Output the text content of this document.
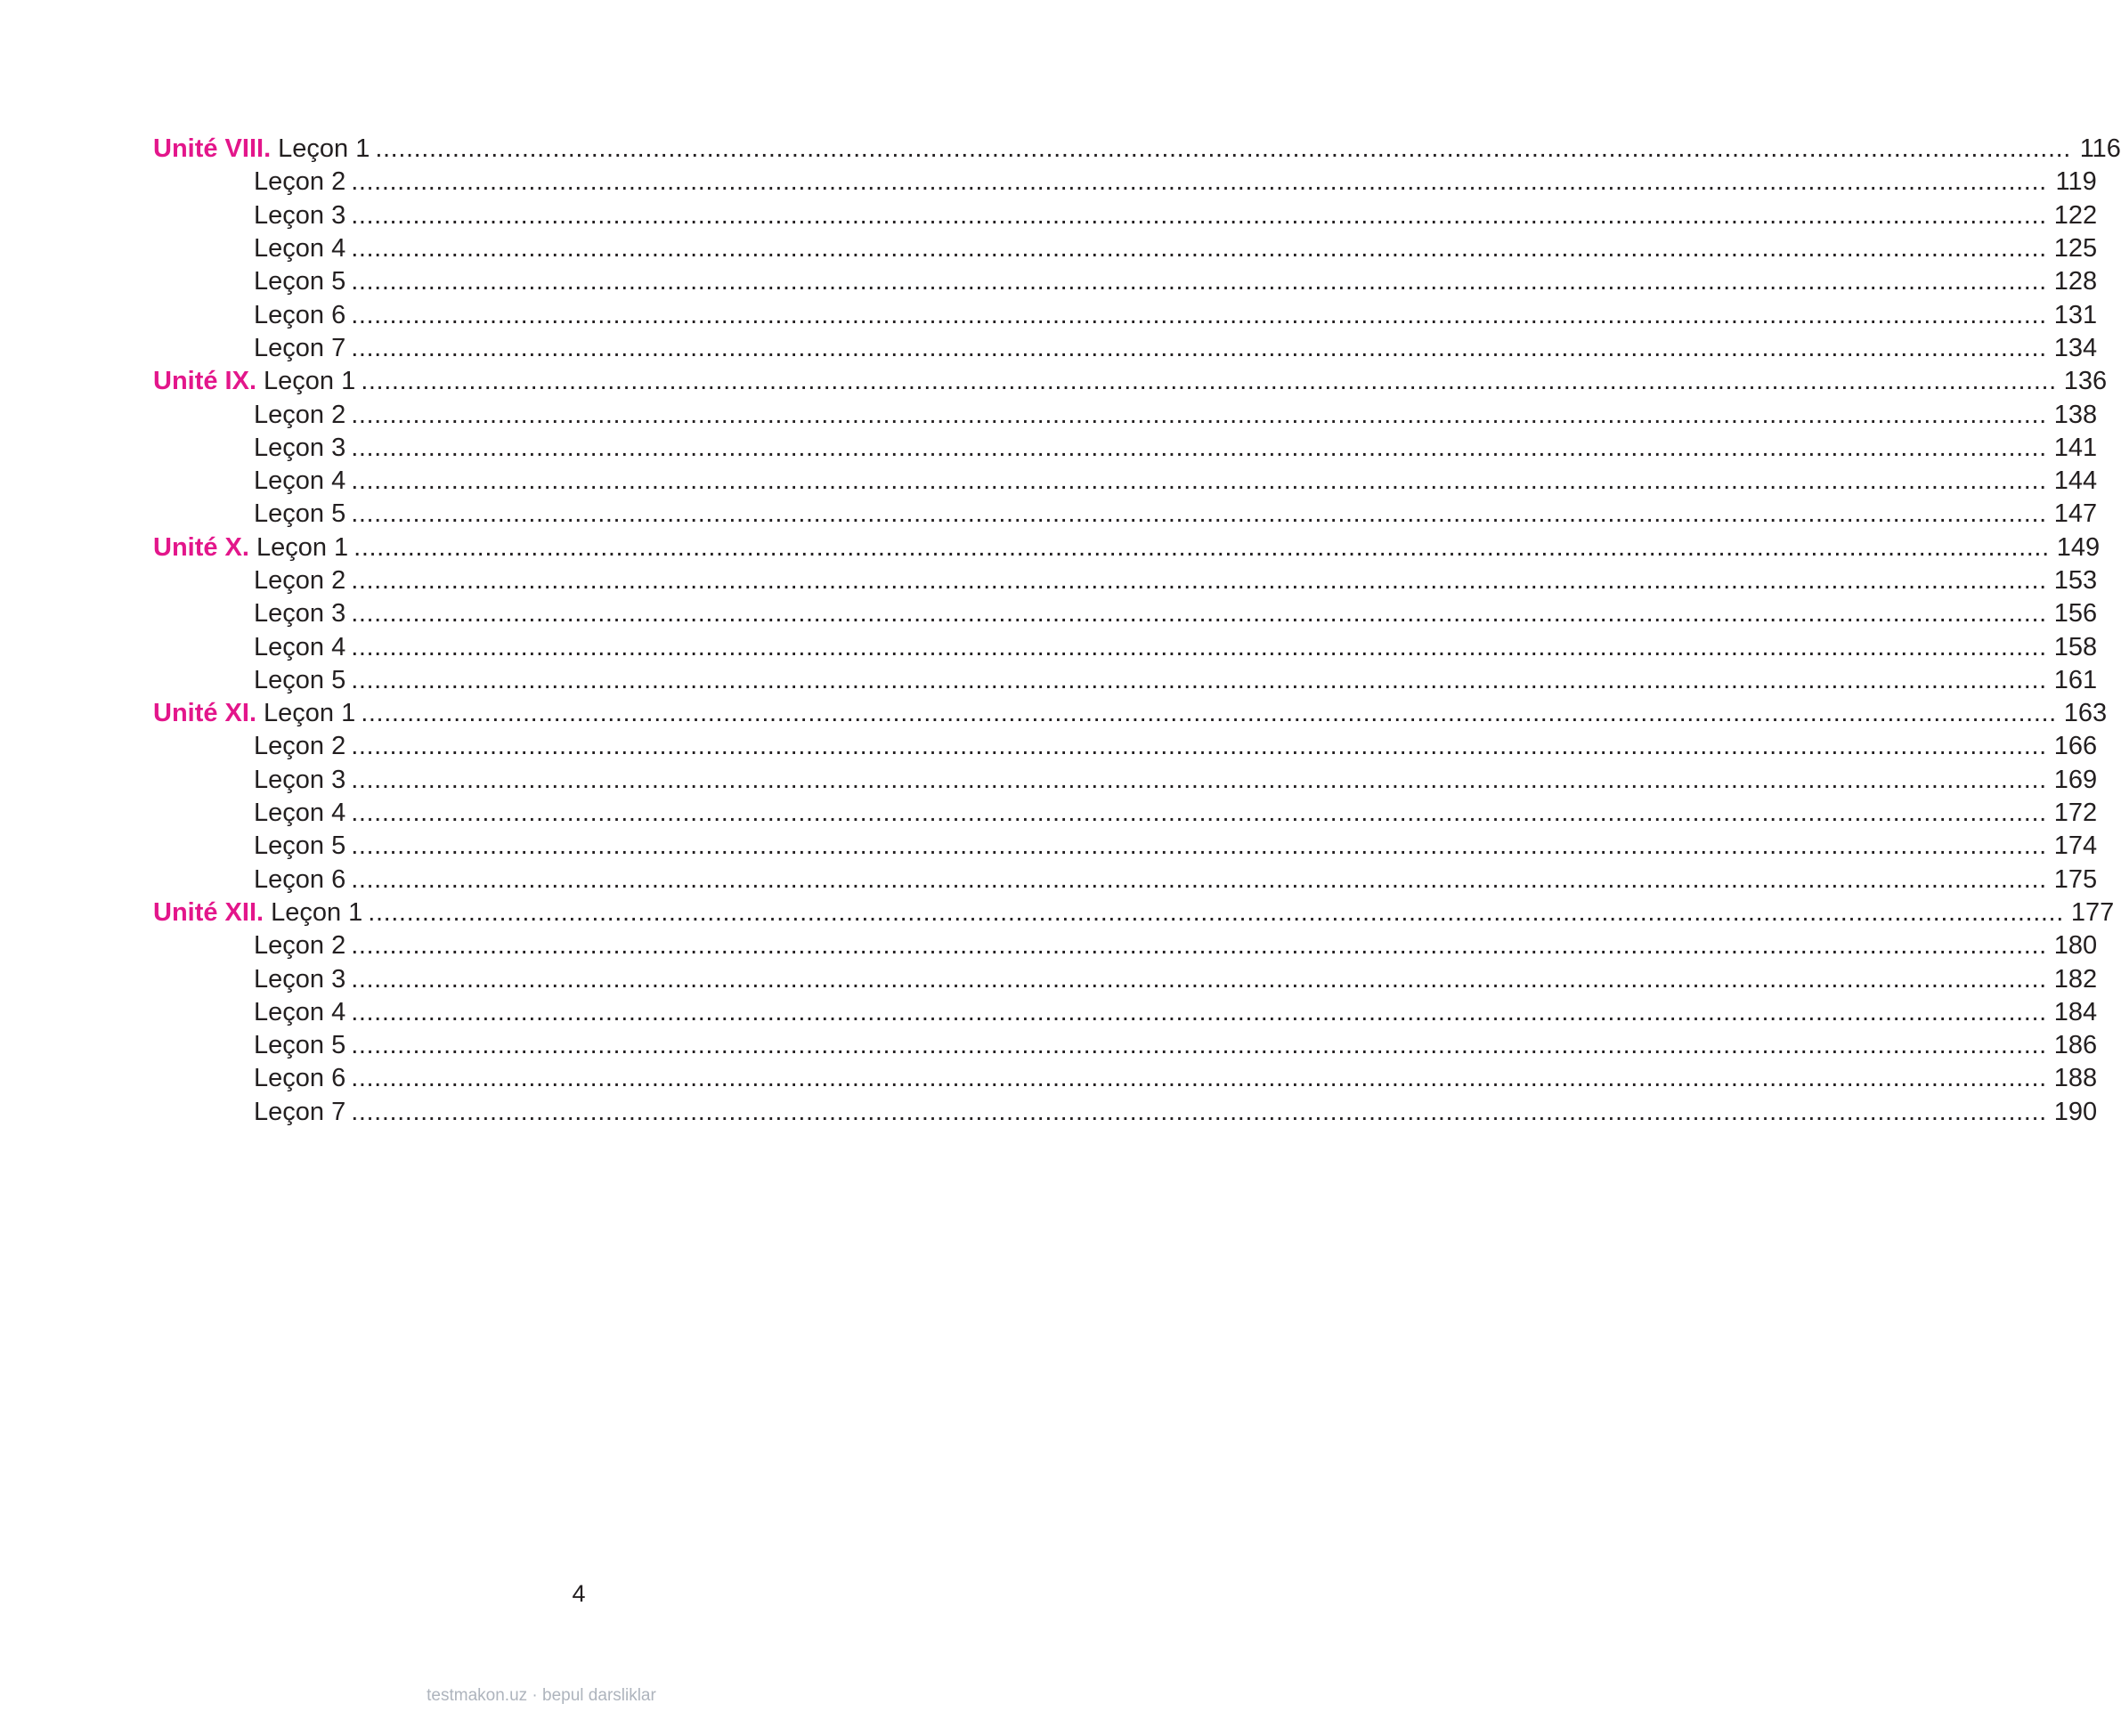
Unité VIII. Leçon 1 ............................................................................................................................................................................................................................ 116
Leçon 2 ............................................................................................................................................................................................................................ 119
Leçon 3 ............................................................................................................................................................................................................................ 122
Leçon 4 ............................................................................................................................................................................................................................ 125
Leçon 5 ............................................................................................................................................................................................................................ 128
Leçon 6 ............................................................................................................................................................................................................................ 131
Leçon 7 ............................................................................................................................................................................................................................ 134
Unité IX. Leçon 1 ............................................................................................................................................................................................................................ 136
Leçon 2 ............................................................................................................................................................................................................................ 138
Leçon 3 ............................................................................................................................................................................................................................ 141
Leçon 4 ............................................................................................................................................................................................................................ 144
Leçon 5 ............................................................................................................................................................................................................................ 147
Unité X. Leçon 1 ............................................................................................................................................................................................................................ 149
Leçon 2 ............................................................................................................................................................................................................................ 153
Leçon 3 ............................................................................................................................................................................................................................ 156
Leçon 4 ............................................................................................................................................................................................................................ 158
Leçon 5 ............................................................................................................................................................................................................................ 161
Unité XI. Leçon 1 ............................................................................................................................................................................................................................ 163
Leçon 2 ............................................................................................................................................................................................................................ 166
Leçon 3 ............................................................................................................................................................................................................................ 169
Leçon 4 ............................................................................................................................................................................................................................ 172
Leçon 5 ............................................................................................................................................................................................................................ 174
Leçon 6 ............................................................................................................................................................................................................................ 175
Unité XII. Leçon 1 ............................................................................................................................................................................................................................ 177
Leçon 2 ............................................................................................................................................................................................................................ 180
Leçon 3 ............................................................................................................................................................................................................................ 182
Leçon 4 ............................................................................................................................................................................................................................ 184
Leçon 5 ............................................................................................................................................................................................................................ 186
Leçon 6 ............................................................................................................................................................................................................................ 188
Leçon 7 ............................................................................................................................................................................................................................ 190
4
testmakon.uz · bepul darsliklar
